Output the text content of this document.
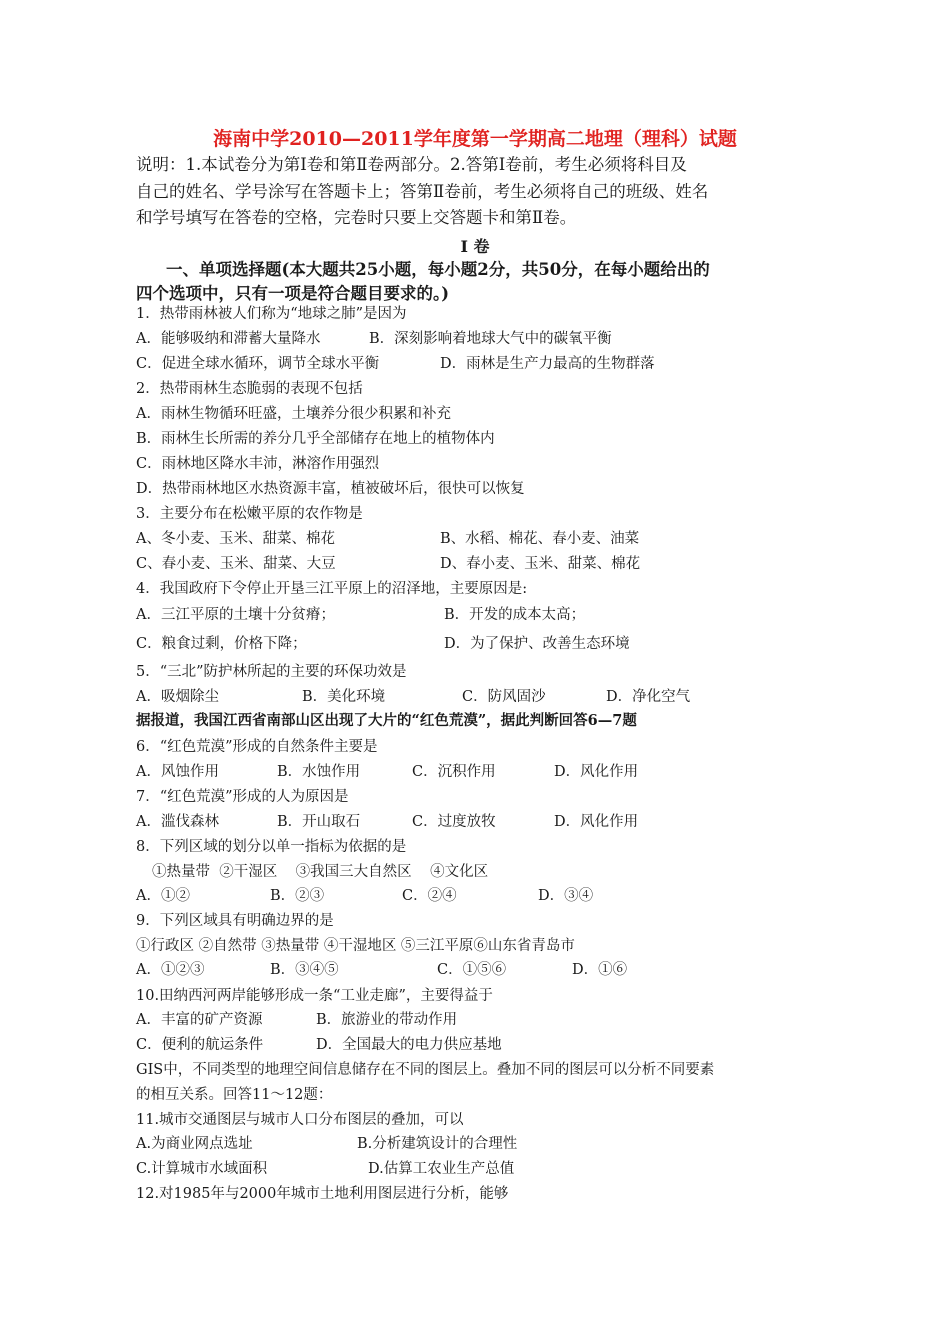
海南中学2010—2011学年度第一学期高二地理（理科）试题
说明：1.本试卷分为第Ⅰ卷和第Ⅱ卷两部分。2.答第Ⅰ卷前，考生必须将科目及
自己的姓名、学号涂写在答题卡上；答第Ⅱ卷前，考生必须将自己的班级、姓名
和学号填写在答卷的空格，完卷时只要上交答题卡和第Ⅱ卷。
Ⅰ 卷
一、单项选择题(本大题共25小题，每小题2分，共50分，在每小题给出的
四个选项中，只有一项是符合题目要求的。)
1．热带雨林被人们称为“地球之肺”是因为
A．能够吸纳和滞蓄大量降水	B．深刻影响着地球大气中的碳氧平衡
C．促进全球水循环，调节全球水平衡	D．雨林是生产力最高的生物群落
2．热带雨林生态脆弱的表现不包括
A．雨林生物循环旺盛，土壤养分很少积累和补充
B．雨林生长所需的养分几乎全部储存在地上的植物体内
C．雨林地区降水丰沛，淋溶作用强烈
D．热带雨林地区水热资源丰富，植被破坏后，很快可以恢复
3．主要分布在松嫩平原的农作物是
A、冬小麦、玉米、甜菜、棉花	B、水稻、棉花、春小麦、油菜
C、春小麦、玉米、甜菜、大豆	D、春小麦、玉米、甜菜、棉花
4．我国政府下令停止开垦三江平原上的沼泽地，主要原因是:
A．三江平原的土壤十分贫瘠；	B．开发的成本太高；
C．粮食过剩，价格下降；	D．为了保护、改善生态环境
5．“三北”防护林所起的主要的环保功效是
A．吸烟除尘	B．美化环境	C．防风固沙	D．净化空气
据报道，我国江西省南部山区出现了大片的“红色荒漠”，据此判断回答6—7题
6．“红色荒漠”形成的自然条件主要是
A．风蚀作用	B．水蚀作用	C．沉积作用	D．风化作用
7．“红色荒漠”形成的人为原因是
A．滥伐森林	B．开山取石	C．过度放牧	D．风化作用
8．下列区域的划分以单一指标为依据的是
①热量带  ②干湿区    ③我国三大自然区    ④文化区
A．①②	B．②③	C．②④	D．③④
9．下列区域具有明确边界的是
①行政区 ②自然带 ③热量带 ④干湿地区 ⑤三江平原⑥山东省青岛市
A．①②③	B．③④⑤	C．①⑤⑥	D．①⑥
10.田纳西河两岸能够形成一条“工业走廊”，主要得益于
A．丰富的矿产资源	B．旅游业的带动作用
C．便利的航运条件	D．全国最大的电力供应基地
GIS中，不同类型的地理空间信息储存在不同的图层上。叠加不同的图层可以分析不同要素
的相互关系。回答11～12题：
11.城市交通图层与城市人口分布图层的叠加，可以
A.为商业网点选址	B.分析建筑设计的合理性
C.计算城市水域面积	D.估算工农业生产总值
12.对1985年与2000年城市土地利用图层进行分析，能够
